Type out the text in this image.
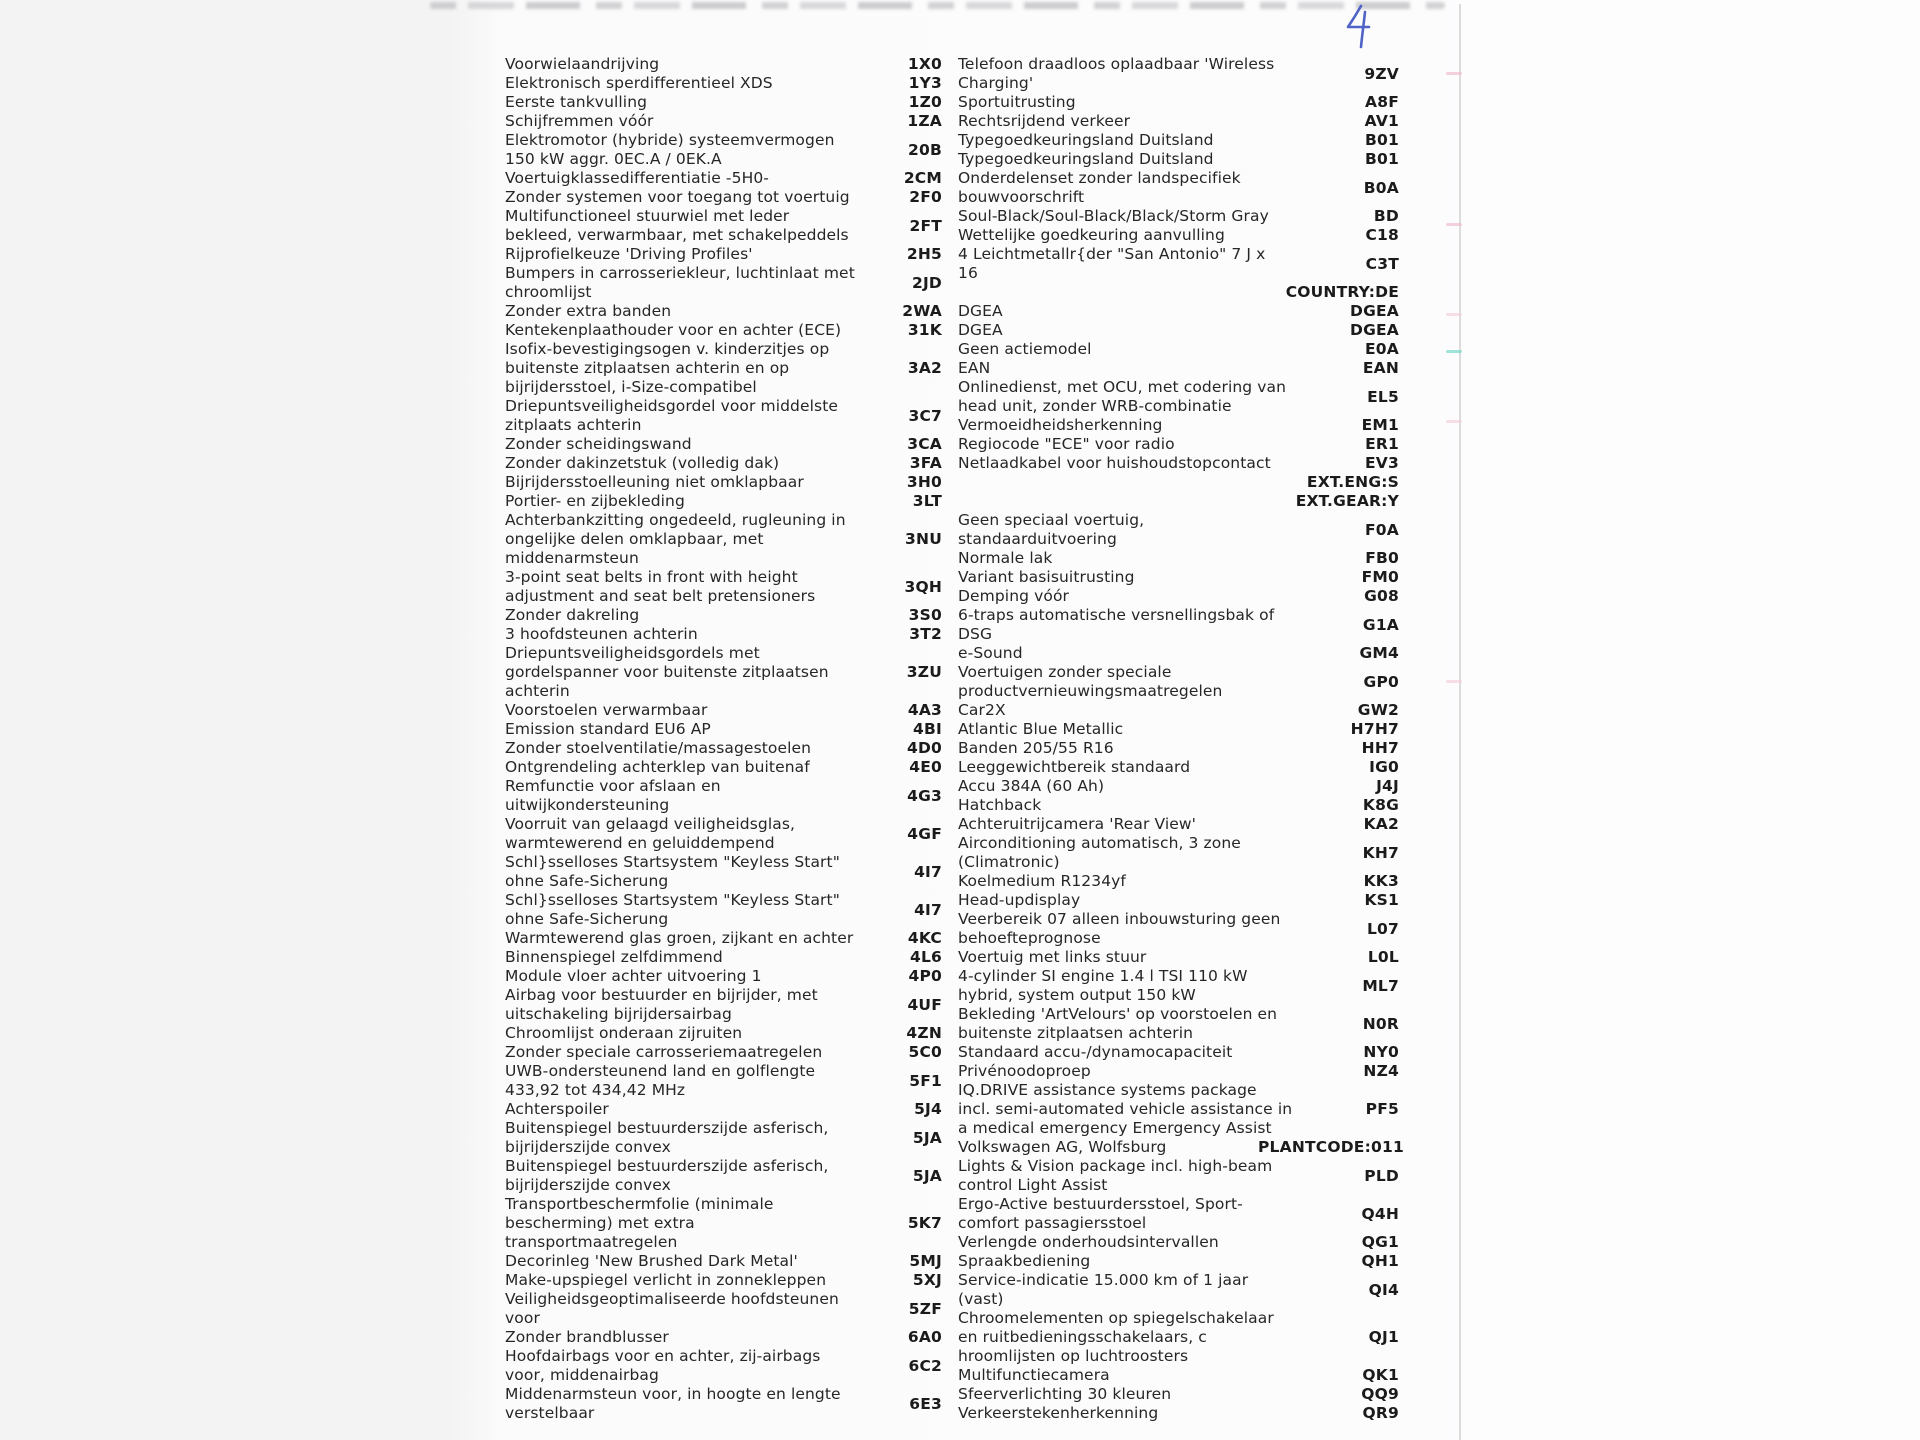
Voorwielaandrijving	1X0
Elektronisch sperdifferentieel XDS	1Y3
Eerste tankvulling	1Z0
Schijfremmen vóór	1ZA
Elektromotor (hybride) systeemvermogen
150 kW aggr. 0EC.A / 0EK.A
20B
Voertuigklassedifferentiatie -5H0-	2CM
Zonder systemen voor toegang tot voertuig	2F0
Multifunctioneel stuurwiel met leder
bekleed, verwarmbaar, met schakelpeddels
2FT
Rijprofielkeuze 'Driving Profiles'	2H5
Bumpers in carrosseriekleur, luchtinlaat met
chroomlijst
2JD
Zonder extra banden	2WA
Kentekenplaathouder voor en achter (ECE)	31K
Isofix-bevestigingsogen v. kinderzitjes op
buitenste zitplaatsen achterin en op
bijrijdersstoel, i-Size-compatibel
3A2
Driepuntsveiligheidsgordel voor middelste
zitplaats achterin
3C7
Zonder scheidingswand	3CA
Zonder dakinzetstuk (volledig dak)	3FA
Bijrijdersstoelleuning niet omklapbaar	3H0
Portier- en zijbekleding	3LT
Achterbankzitting ongedeeld, rugleuning in
ongelijke delen omklapbaar, met
middenarmsteun
3NU
3-point seat belts in front with height
adjustment and seat belt pretensioners
3QH
Zonder dakreling	3S0
3 hoofdsteunen achterin	3T2
Driepuntsveiligheidsgordels met
gordelspanner voor buitenste zitplaatsen
achterin
3ZU
Voorstoelen verwarmbaar	4A3
Emission standard EU6 AP	4BI
Zonder stoelventilatie/massagestoelen	4D0
Ontgrendeling achterklep van buitenaf	4E0
Remfunctie voor afslaan en
uitwijkondersteuning
4G3
Voorruit van gelaagd veiligheidsglas,
warmtewerend en geluiddempend
4GF
Schl}sselloses Startsystem "Keyless Start"
ohne Safe-Sicherung
4I7
Schl}sselloses Startsystem "Keyless Start"
ohne Safe-Sicherung
4I7
Warmtewerend glas groen, zijkant en achter	4KC
Binnenspiegel zelfdimmend	4L6
Module vloer achter uitvoering 1	4P0
Airbag voor bestuurder en bijrijder, met
uitschakeling bijrijdersairbag
4UF
Chroomlijst onderaan zijruiten	4ZN
Zonder speciale carrosseriemaatregelen	5C0
UWB-ondersteunend land en golflengte
433,92 tot 434,42 MHz
5F1
Achterspoiler	5J4
Buitenspiegel bestuurderszijde asferisch,
bijrijderszijde convex
5JA
Buitenspiegel bestuurderszijde asferisch,
bijrijderszijde convex
5JA
Transportbeschermfolie (minimale
bescherming) met extra
transportmaatregelen
5K7
Decorinleg 'New Brushed Dark Metal'	5MJ
Make-upspiegel verlicht in zonnekleppen	5XJ
Veiligheidsgeoptimaliseerde hoofdsteunen
voor
5ZF
Zonder brandblusser	6A0
Hoofdairbags voor en achter, zij-airbags
voor, middenairbag
6C2
Middenarmsteun voor, in hoogte en lengte
verstelbaar
6E3
Telefoon draadloos oplaadbaar 'Wireless
Charging'
9ZV
Sportuitrusting	A8F
Rechtsrijdend verkeer	AV1
Typegoedkeuringsland Duitsland	B01
Typegoedkeuringsland Duitsland	B01
Onderdelenset zonder landspecifiek
bouwvoorschrift
B0A
Soul-Black/Soul-Black/Black/Storm Gray	BD
Wettelijke goedkeuring aanvulling	C18
4 Leichtmetallr{der "San Antonio" 7 J x
16
C3T
COUNTRY:DE
DGEA	DGEA
DGEA	DGEA
Geen actiemodel	E0A
EAN	EAN
Onlinedienst, met OCU, met codering van
head unit, zonder WRB-combinatie
EL5
Vermoeidheidsherkenning	EM1
Regiocode "ECE" voor radio	ER1
Netlaadkabel voor huishoudstopcontact	EV3
EXT.ENG:S
EXT.GEAR:Y
Geen speciaal voertuig,
standaarduitvoering
F0A
Normale lak	FB0
Variant basisuitrusting	FM0
Demping vóór	G08
6-traps automatische versnellingsbak of
DSG
G1A
e-Sound	GM4
Voertuigen zonder speciale
productvernieuwingsmaatregelen
GP0
Car2X	GW2
Atlantic Blue Metallic	H7H7
Banden 205/55 R16	HH7
Leeggewichtbereik standaard	IG0
Accu 384A (60 Ah)	J4J
Hatchback	K8G
Achteruitrijcamera 'Rear View'	KA2
Airconditioning automatisch, 3 zone
(Climatronic)
KH7
Koelmedium R1234yf	KK3
Head-updisplay	KS1
Veerbereik 07 alleen inbouwsturing geen
behoefteprognose
L07
Voertuig met links stuur	L0L
4-cylinder SI engine 1.4 l TSI 110 kW
hybrid, system output 150 kW
ML7
Bekleding 'ArtVelours' op voorstoelen en
buitenste zitplaatsen achterin
N0R
Standaard accu-/dynamocapaciteit	NY0
Privénoodoproep	NZ4
IQ.DRIVE assistance systems package
incl. semi-automated vehicle assistance in
a medical emergency Emergency Assist
PF5
Volkswagen AG, Wolfsburg	PLANTCODE:011
Lights & Vision package incl. high-beam
control Light Assist
PLD
Ergo-Active bestuurdersstoel, Sport-
comfort passagiersstoel
Q4H
Verlengde onderhoudsintervallen	QG1
Spraakbediening	QH1
Service-indicatie 15.000 km of 1 jaar
(vast)
QI4
Chroomelementen op spiegelschakelaar
en ruitbedieningsschakelaars, c
hroomlijsten op luchtroosters
QJ1
Multifunctiecamera	QK1
Sfeerverlichting 30 kleuren	QQ9
Verkeerstekenherkenning	QR9
